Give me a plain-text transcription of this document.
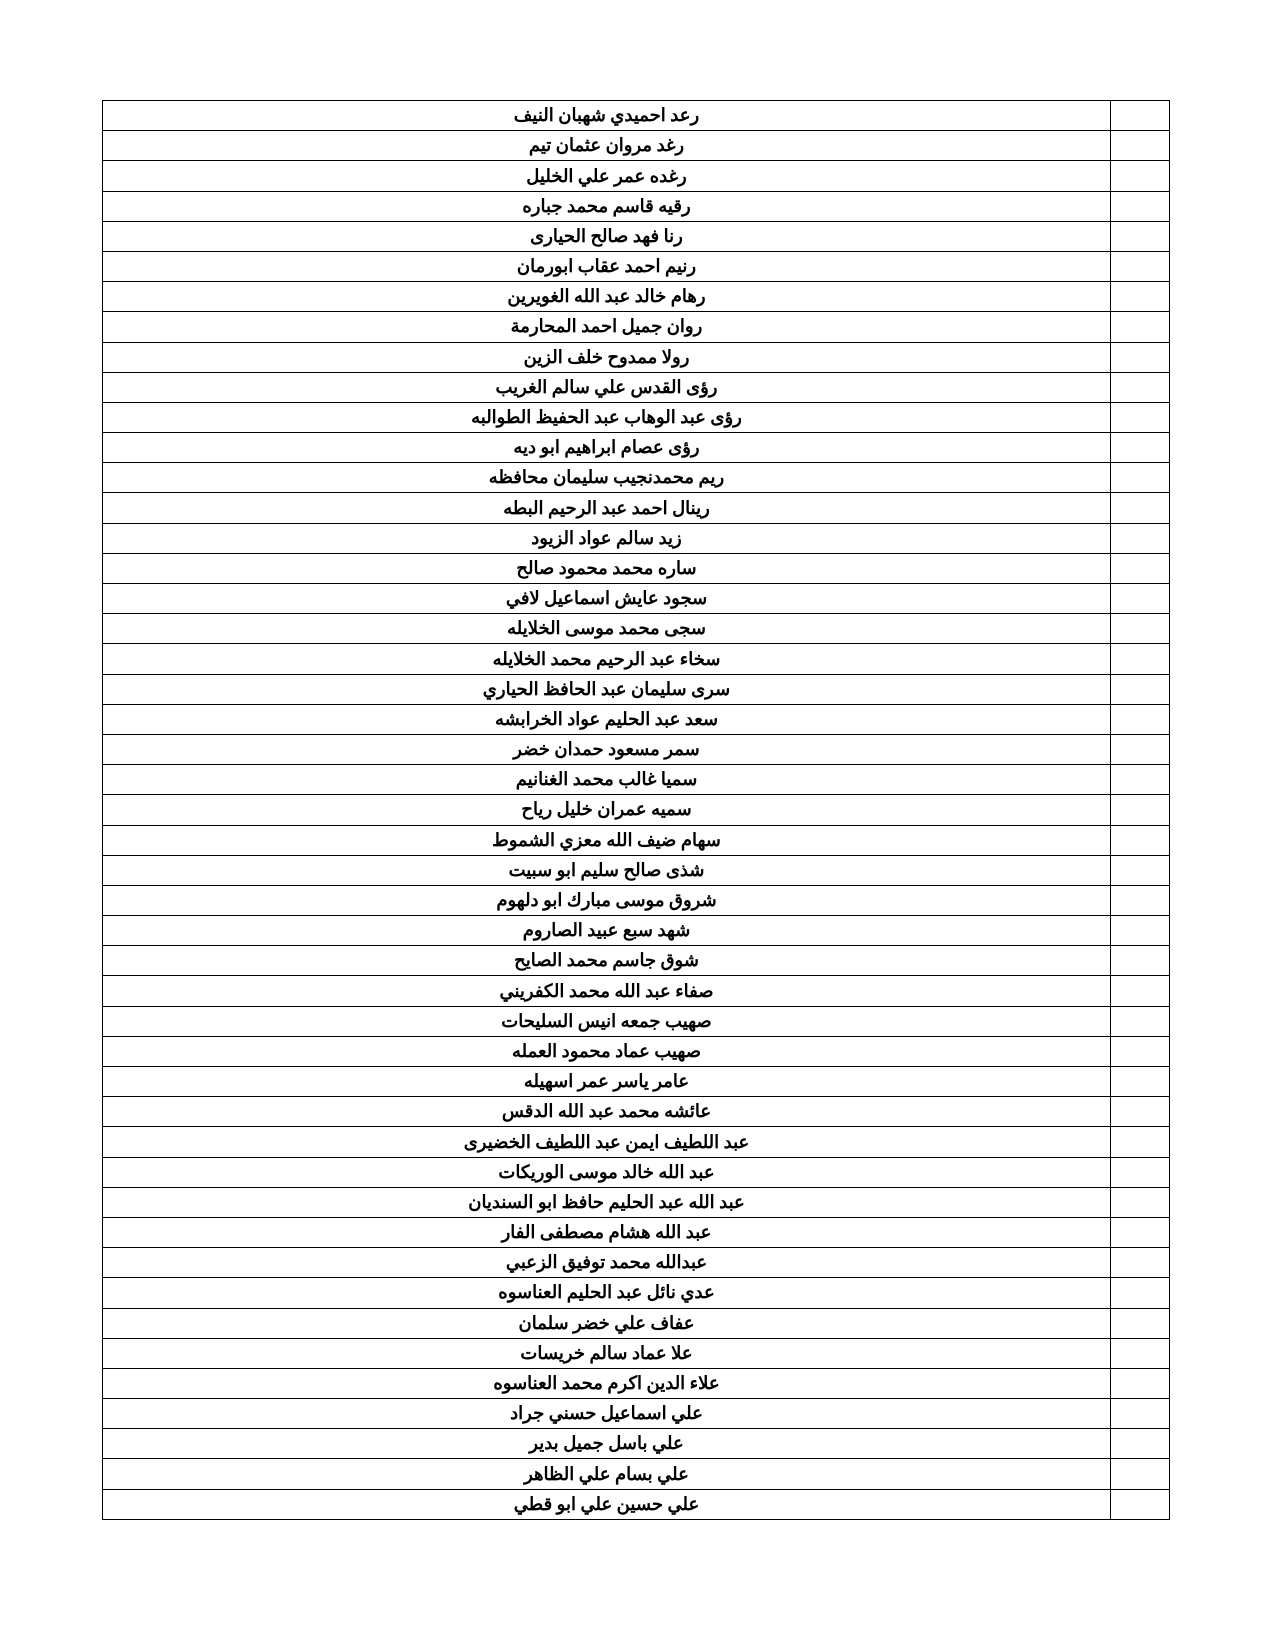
	رعد احميدي شهبان النيف
	رغد مروان عثمان تيم
	رغده عمر علي الخليل
	رقيه قاسم محمد جباره
	رنا فهد صالح الحيارى
	رنيم احمد عقاب ابورمان
	رهام خالد عبد الله الغويرين
	روان جميل احمد المحارمة
	رولا ممدوح خلف الزين
	رؤى القدس علي سالم الغريب
	رؤى عبد الوهاب عبد الحفيظ الطوالبه
	رؤى عصام ابراهيم ابو ديه
	ريم محمدنجيب سليمان محافظه
	رينال احمد عبد الرحيم البطه
	زيد سالم عواد الزيود
	ساره محمد محمود صالح
	سجود عايش اسماعيل لافي
	سجى محمد موسى الخلايله
	سخاء عبد الرحيم محمد الخلايله
	سرى سليمان عبد الحافظ الحياري
	سعد عبد الحليم عواد الخرابشه
	سمر مسعود حمدان خضر
	سميا غالب محمد الغنانيم
	سميه عمران خليل رياح
	سهام ضيف الله معزي الشموط
	شذى صالح سليم ابو سبيت
	شروق موسى مبارك ابو دلهوم
	شهد سبع عبيد الصاروم
	شوق جاسم محمد الصايح
	صفاء عبد الله محمد الكفريني
	صهيب جمعه انيس السليحات
	صهيب عماد محمود العمله
	عامر ياسر عمر اسهيله
	عائشه محمد عبد الله الدقس
	عبد اللطيف ايمن عبد اللطيف الخضيرى
	عبد الله خالد موسى الوريكات
	عبد الله عبد الحليم حافظ ابو السنديان
	عبد الله هشام مصطفى الفار
	عبدالله محمد توفيق الزعبي
	عدي نائل عبد الحليم العناسوه
	عفاف علي خضر سلمان
	علا عماد سالم خريسات
	علاء الدين اكرم محمد العناسوه
	علي اسماعيل حسني جراد
	علي باسل جميل بدير
	علي بسام علي الظاهر
	علي حسين علي ابو قطي
